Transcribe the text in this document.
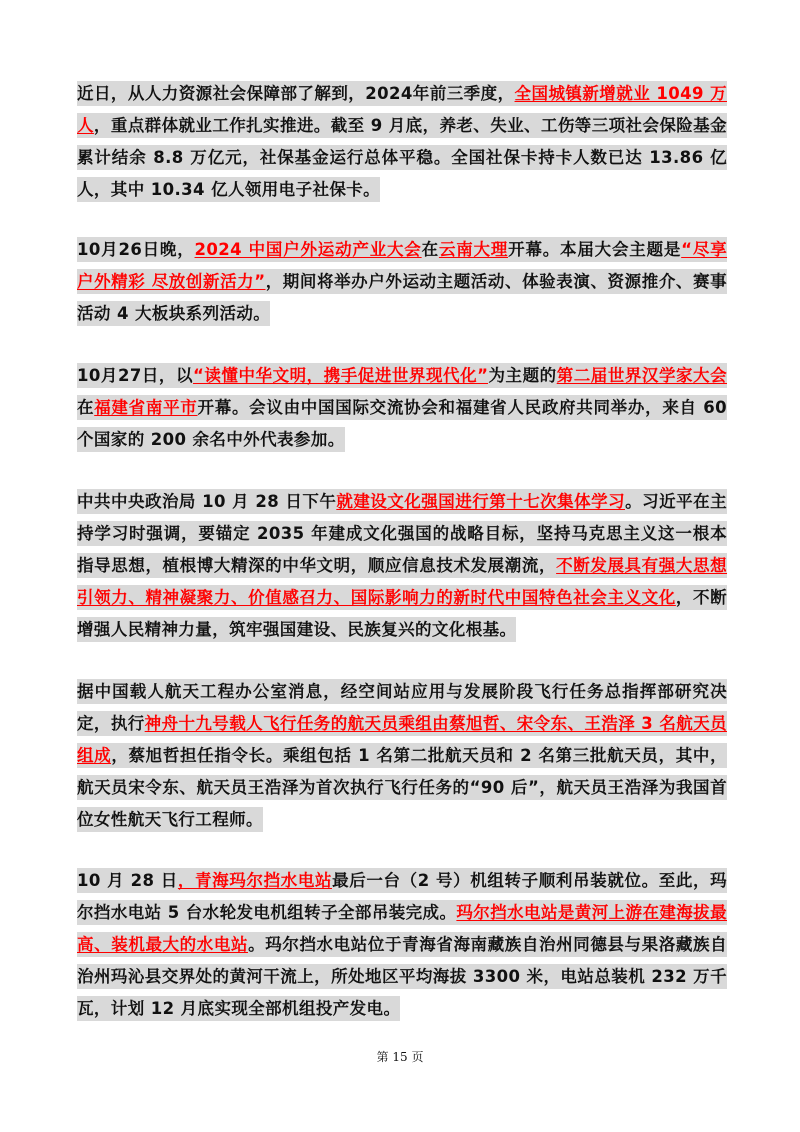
近日，从人力资源社会保障部了解到，2024年前三季度，全国城镇新增就业 1049 万人，重点群体就业工作扎实推进。截至 9 月底，养老、失业、工伤等三项社会保险基金累计结余 8.8 万亿元，社保基金运行总体平稳。全国社保卡持卡人数已达 13.86 亿人，其中 10.34 亿人领用电子社保卡。
10月26日晚，2024 中国户外运动产业大会在云南大理开幕。本届大会主题是“尽享户外精彩 尽放创新活力”，期间将举办户外运动主题活动、体验表演、资源推介、赛事活动 4 大板块系列活动。
10月27日，以“读懂中华文明，携手促进世界现代化”为主题的第二届世界汉学家大会在福建省南平市开幕。会议由中国国际交流协会和福建省人民政府共同举办，来自 60 个国家的 200 余名中外代表参加。
中共中央政治局 10 月 28 日下午就建设文化强国进行第十七次集体学习。习近平在主持学习时强调，要锚定 2035 年建成文化强国的战略目标，坚持马克思主义这一根本指导思想，植根博大精深的中华文明，顺应信息技术发展潮流，不断发展具有强大思想引领力、精神凝聚力、价值感召力、国际影响力的新时代中国特色社会主义文化，不断增强人民精神力量，筑牢强国建设、民族复兴的文化根基。
据中国载人航天工程办公室消息，经空间站应用与发展阶段飞行任务总指挥部研究决定，执行神舟十九号载人飞行任务的航天员乘组由蔡旭哲、宋令东、王浩泽 3 名航天员组成，蔡旭哲担任指令长。乘组包括 1 名第二批航天员和 2 名第三批航天员，其中，航天员宋令东、航天员王浩泽为首次执行飞行任务的“90 后”，航天员王浩泽为我国首位女性航天飞行工程师。
10 月 28 日，青海玛尔挡水电站最后一台（2 号）机组转子顺利吊装就位。至此，玛尔挡水电站 5 台水轮发电机组转子全部吊装完成。玛尔挡水电站是黄河上游在建海拔最高、装机最大的水电站。玛尔挡水电站位于青海省海南藏族自治州同德县与果洛藏族自治州玛沁县交界处的黄河干流上，所处地区平均海拔 3300 米，电站总装机 232 万千瓦，计划 12 月底实现全部机组投产发电。
第 15 页
